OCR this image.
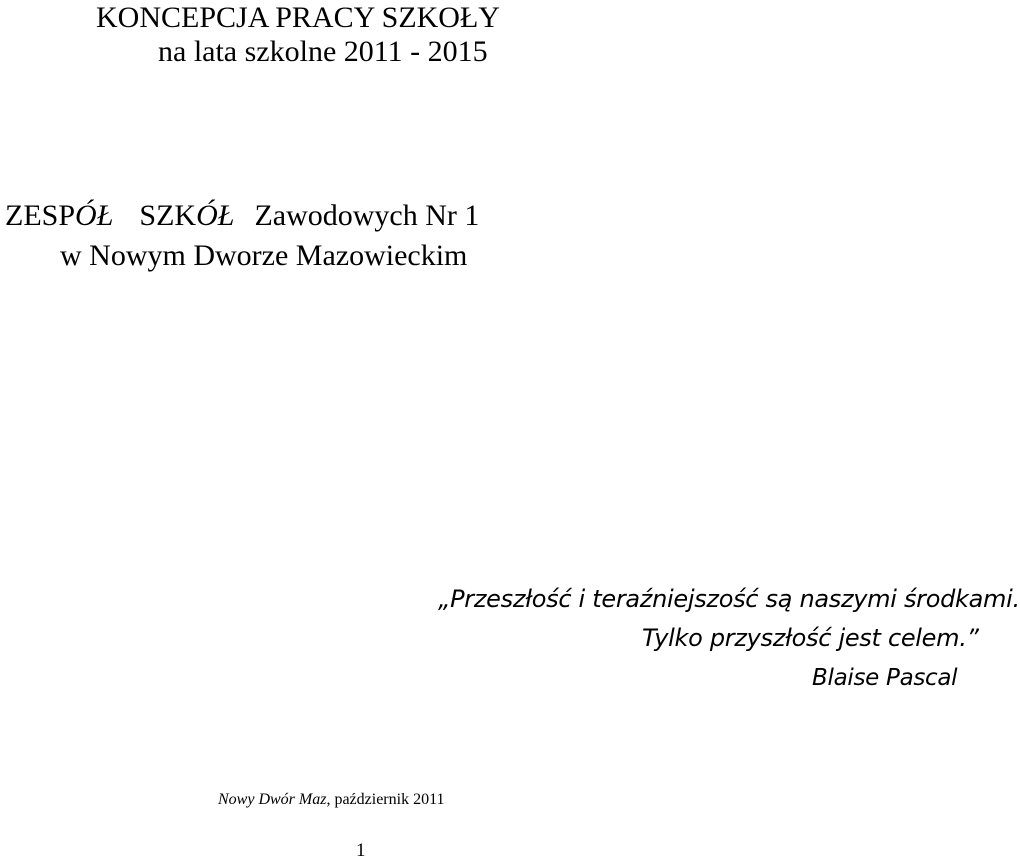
KONCEPCJA PRACY SZKOŁY
na lata szkolne 2011 - 2015
ZESPÓŁ SZKÓŁ Zawodowych Nr 1
w Nowym Dworze Mazowieckim
„Przeszłość i teraźniejszość są naszymi środkami.
Tylko przyszłość jest celem.”
Blaise Pascal
Nowy Dwór Maz, październik 2011
1
